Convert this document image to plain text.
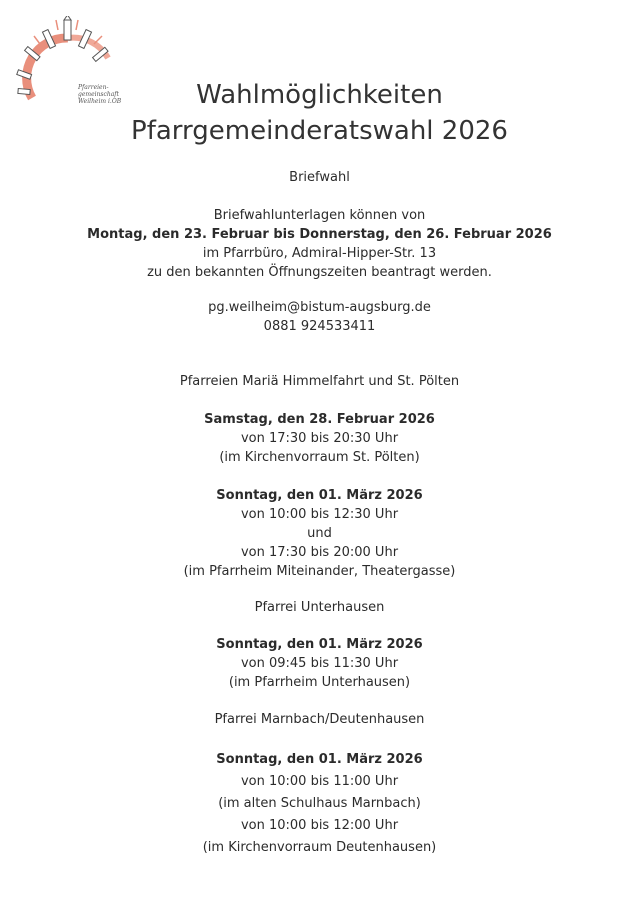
Pfarreien-
gemeinschaft
Weilheim i.OB	Wahlmöglichkeiten
Pfarrgemeinderatswahl 2026
Briefwahl
Briefwahlunterlagen können von
Montag, den 23. Februar bis Donnerstag, den 26. Februar 2026
im Pfarrbüro, Admiral-Hipper-Str. 13
zu den bekannten Öffnungszeiten beantragt werden.
pg.weilheim@bistum-augsburg.de
0881 924533411
Pfarreien Mariä Himmelfahrt und St. Pölten
Samstag, den 28. Februar 2026
von 17:30 bis 20:30 Uhr
(im Kirchenvorraum St. Pölten)
Sonntag, den 01. März 2026
von 10:00 bis 12:30 Uhr
und
von 17:30 bis 20:00 Uhr
(im Pfarrheim Miteinander, Theatergasse)
Pfarrei Unterhausen
Sonntag, den 01. März 2026
von 09:45 bis 11:30 Uhr
(im Pfarrheim Unterhausen)
Pfarrei Marnbach/Deutenhausen
Sonntag, den 01. März 2026
von 10:00 bis 11:00 Uhr
(im alten Schulhaus Marnbach)
von 10:00 bis 12:00 Uhr
(im Kirchenvorraum Deutenhausen)
